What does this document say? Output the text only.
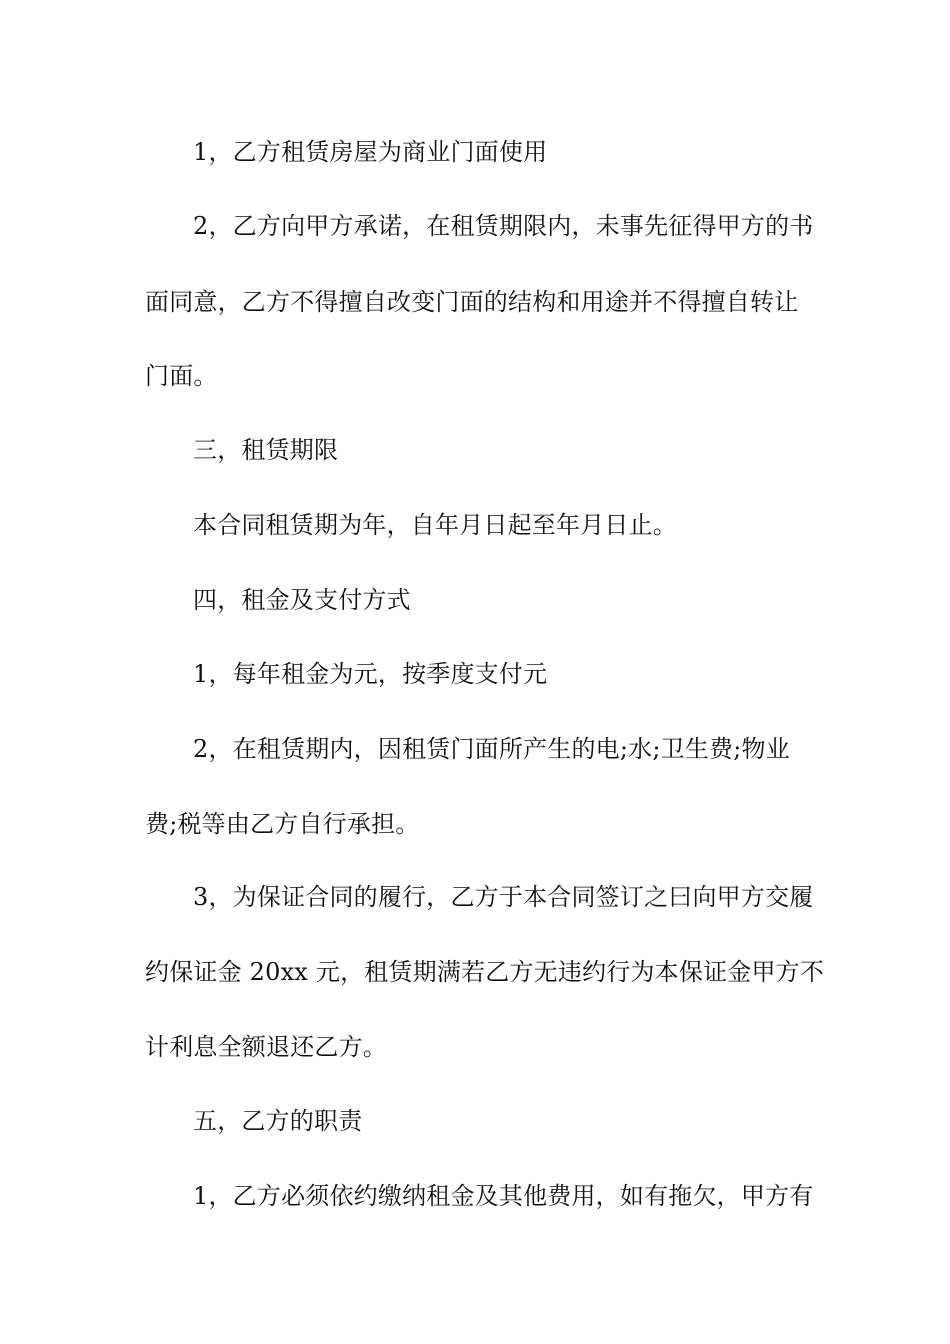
1，乙方租赁房屋为商业门面使用
2，乙方向甲方承诺，在租赁期限内，未事先征得甲方的书
面同意，乙方不得擅自改变门面的结构和用途并不得擅自转让
门面。
三，租赁期限
本合同租赁期为年，自年月日起至年月日止。
四，租金及支付方式
1，每年租金为元，按季度支付元
2，在租赁期内，因租赁门面所产生的电;水;卫生费;物业
费;税等由乙方自行承担。
3，为保证合同的履行，乙方于本合同签订之曰向甲方交履
约保证金 20xx 元，租赁期满若乙方无违约行为本保证金甲方不
计利息全额退还乙方。
五，乙方的职责
1，乙方必须依约缴纳租金及其他费用，如有拖欠，甲方有
